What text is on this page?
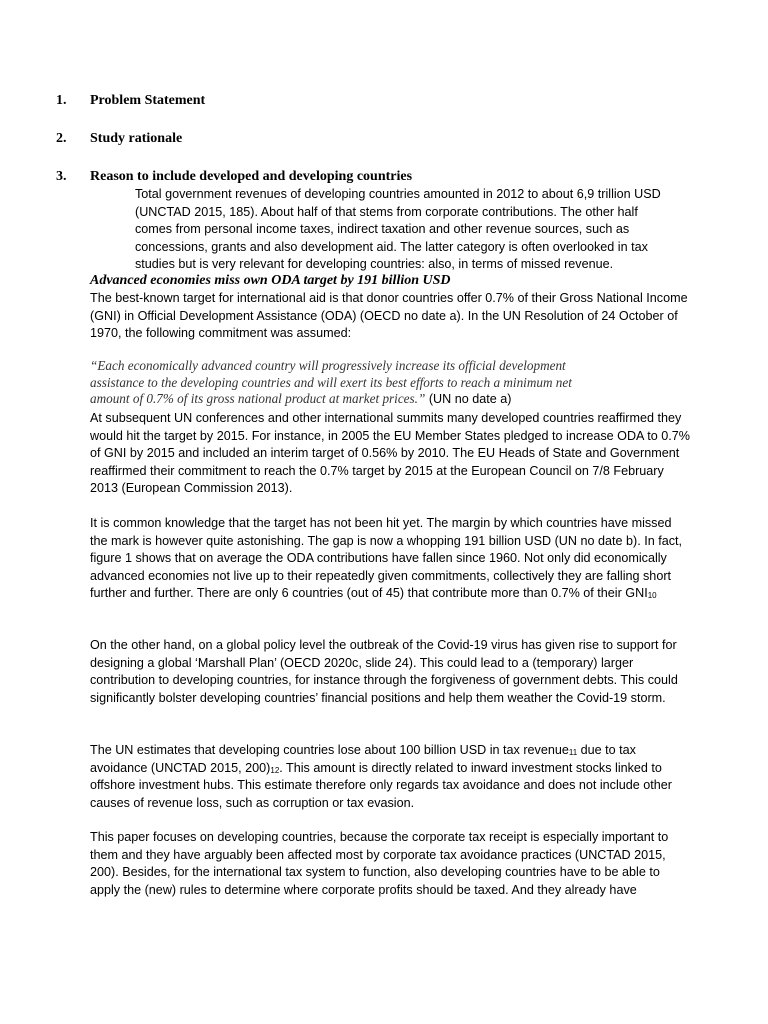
1. Problem Statement
2. Study rationale
3. Reason to include developed and developing countries

Total government revenues of developing countries amounted in 2012 to about 6,9 trillion USD (UNCTAD 2015, 185). About half of that stems from corporate contributions. The other half comes from personal income taxes, indirect taxation and other revenue sources, such as concessions, grants and also development aid. The latter category is often overlooked in tax studies but is very relevant for developing countries: also, in terms of missed revenue.

Advanced economies miss own ODA target by 191 billion USD

The best-known target for international aid is that donor countries offer 0.7% of their Gross National Income (GNI) in Official Development Assistance (ODA) (OECD no date a). In the UN Resolution of 24 October of 1970, the following commitment was assumed:

“Each economically advanced country will progressively increase its official development assistance to the developing countries and will exert its best efforts to reach a minimum net amount of 0.7% of its gross national product at market prices.” (UN no date a)

At subsequent UN conferences and other international summits many developed countries reaffirmed they would hit the target by 2015. For instance, in 2005 the EU Member States pledged to increase ODA to 0.7% of GNI by 2015 and included an interim target of 0.56% by 2010. The EU Heads of State and Government reaffirmed their commitment to reach the 0.7% target by 2015 at the European Council on 7/8 February 2013 (European Commission 2013).

It is common knowledge that the target has not been hit yet. The margin by which countries have missed the mark is however quite astonishing. The gap is now a whopping 191 billion USD (UN no date b). In fact, figure 1 shows that on average the ODA contributions have fallen since 1960. Not only did economically advanced economies not live up to their repeatedly given commitments, collectively they are falling short further and further. There are only 6 countries (out of 45) that contribute more than 0.7% of their $GNI_{10}$

On the other hand, on a global policy level the outbreak of the Covid-19 virus has given rise to support for designing a global ‘Marshall Plan’ (OECD 2020c, slide 24). This could lead to a (temporary) larger contribution to developing countries, for instance through the forgiveness of government debts. This could significantly bolster developing countries’ financial positions and help them weather the Covid-19 storm.

The UN estimates that developing countries lose about 100 billion USD in tax revenue$_{11}$ due to tax avoidance (UNCTAD 2015, $200)_{12}$. This amount is directly related to inward investment stocks linked to offshore investment hubs. This estimate therefore only regards tax avoidance and does not include other causes of revenue loss, such as corruption or tax evasion.

This paper focuses on developing countries, because the corporate tax receipt is especially important to them and they have arguably been affected most by corporate tax avoidance practices (UNCTAD 2015, 200). Besides, for the international tax system to function, also developing countries have to be able to apply the (new) rules to determine where corporate profits should be taxed. And they already have
